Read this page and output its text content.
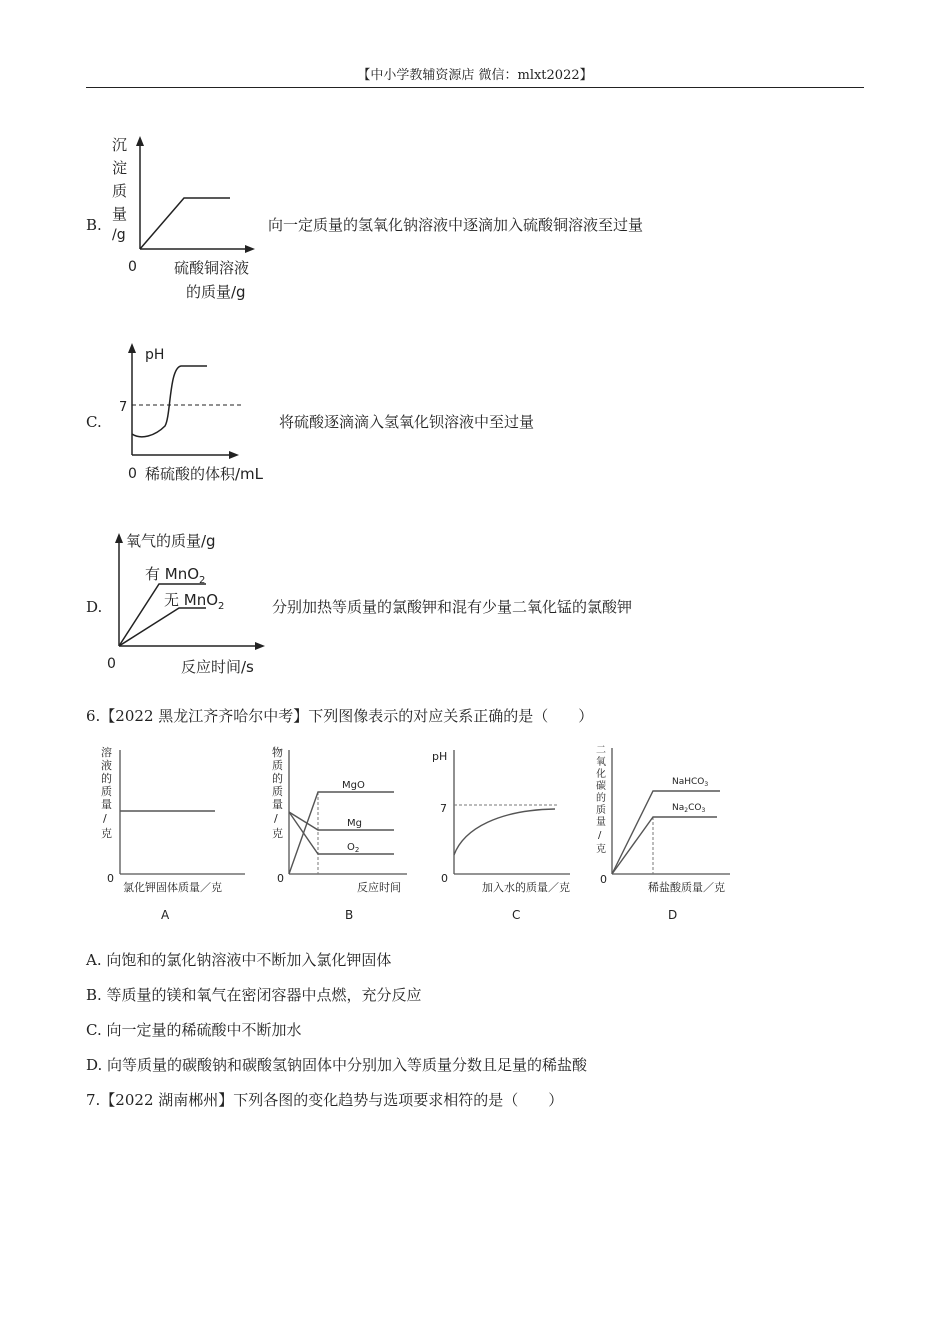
【中小学教辅资源店 微信：mlxt2022】
B.
沉
淀
质
量
/g
0 硫酸铜溶液
的质量/g
向一定质量的氢氧化钠溶液中逐滴加入硫酸铜溶液至过量
C.
pH
7
0 稀硫酸的体积/mL
将硫酸逐滴滴入氢氧化钡溶液中至过量
D.
氧气的质量/g
有 MnO$_2$
无 MnO$_2$
0	反应时间/s
分别加热等质量的氯酸钾和混有少量二氧化锰的氯酸钾
6.【2022 黑龙江齐齐哈尔中考】下列图像表示的对应关系正确的是（　　）
溶
液
的
质
量
/
克
0
氯化钾固体质量／克
A
物
质
的
质
量
/
克
MgO
Mg
$O_2$
0
反应时间
B
pH
7
0
加入水的质量／克
C
二
氧
化
碳
的
质
量
/
克
NaHCO$_3$
$Na_2CO_3$
0
稀盐酸质量／克
D
A. 向饱和的氯化钠溶液中不断加入氯化钾固体
B. 等质量的镁和氧气在密闭容器中点燃，充分反应
C. 向一定量的稀硫酸中不断加水
D. 向等质量的碳酸钠和碳酸氢钠固体中分别加入等质量分数且足量的稀盐酸
7.【2022 湖南郴州】下列各图的变化趋势与选项要求相符的是（　　）
